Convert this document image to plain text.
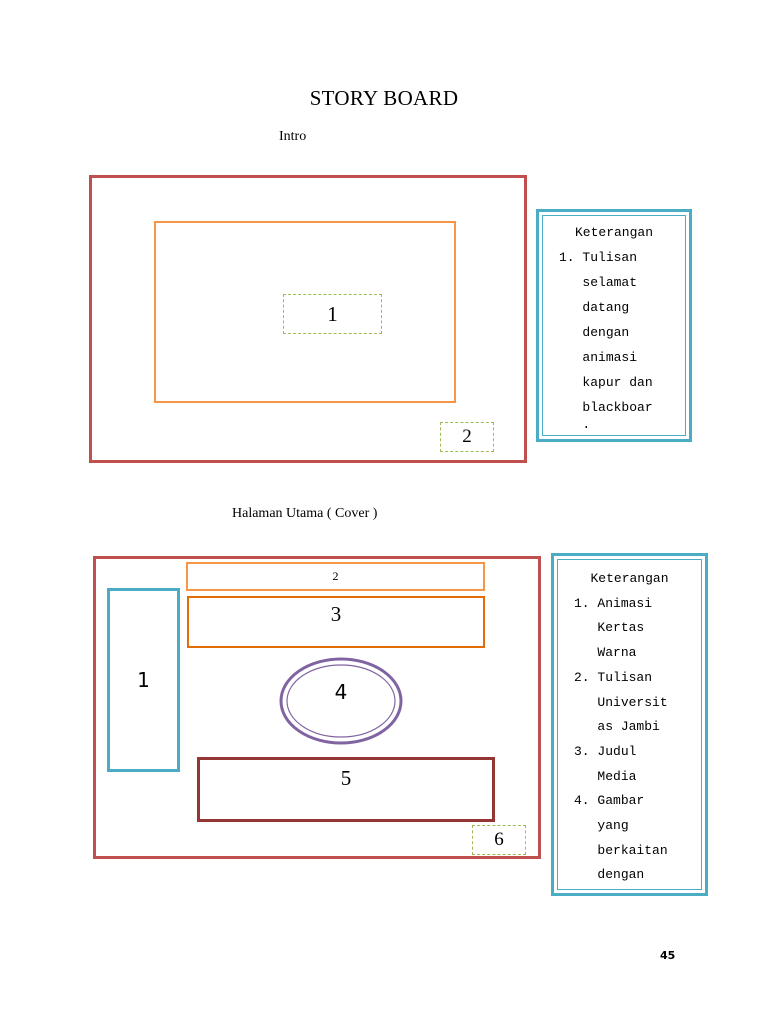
STORY BOARD
Intro
1
2
Keterangan
1.
Tulisan
selamat
datang
dengan
animasi
kapur dan
blackboar
.
Halaman Utama ( Cover )
2
3
1	4
5
6
Keterangan
1.
Animasi
Kertas
Warna
2.
Tulisan
Universit
as Jambi
3.
Judul
Media
4.
Gambar
yang
berkaitan
dengan
45
